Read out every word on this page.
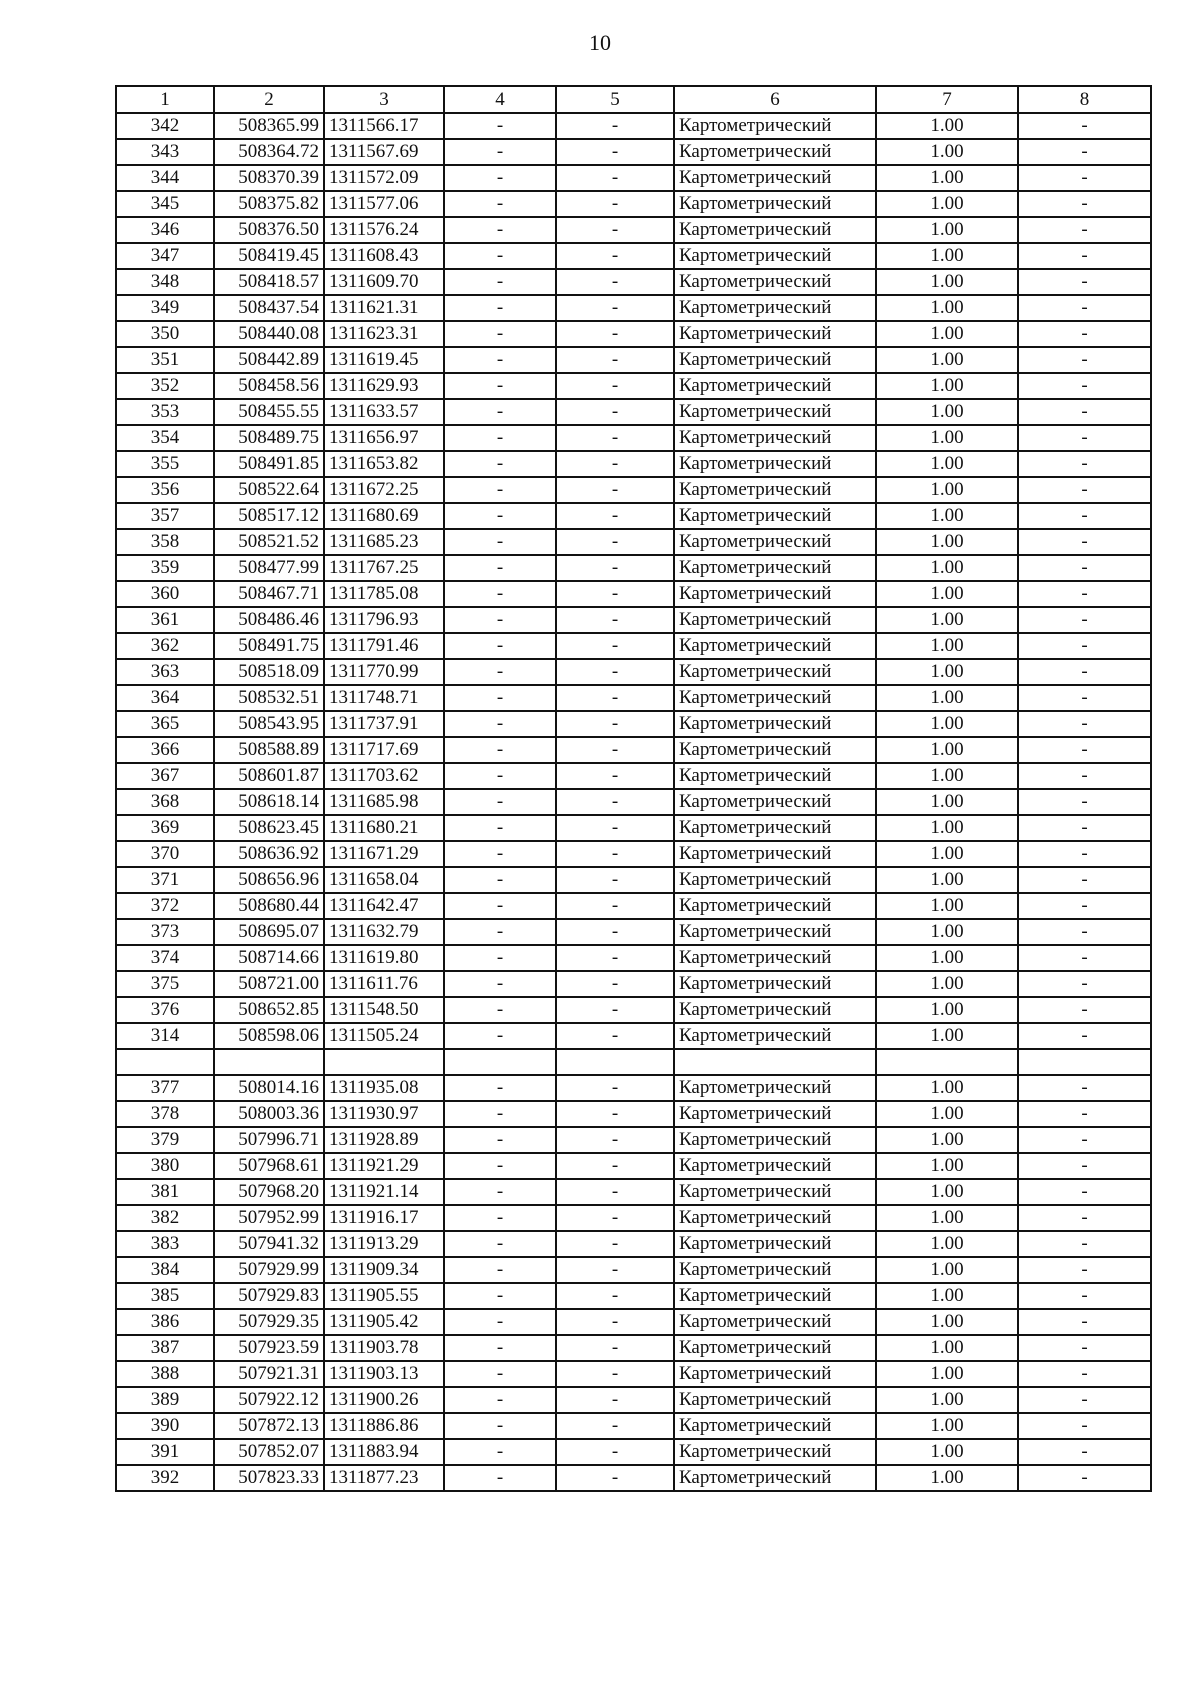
10
1	2	3	4	5	6	7	8
342	508365.99	1311566.17	-	-	Картометрический	1.00	-
343	508364.72	1311567.69	-	-	Картометрический	1.00	-
344	508370.39	1311572.09	-	-	Картометрический	1.00	-
345	508375.82	1311577.06	-	-	Картометрический	1.00	-
346	508376.50	1311576.24	-	-	Картометрический	1.00	-
347	508419.45	1311608.43	-	-	Картометрический	1.00	-
348	508418.57	1311609.70	-	-	Картометрический	1.00	-
349	508437.54	1311621.31	-	-	Картометрический	1.00	-
350	508440.08	1311623.31	-	-	Картометрический	1.00	-
351	508442.89	1311619.45	-	-	Картометрический	1.00	-
352	508458.56	1311629.93	-	-	Картометрический	1.00	-
353	508455.55	1311633.57	-	-	Картометрический	1.00	-
354	508489.75	1311656.97	-	-	Картометрический	1.00	-
355	508491.85	1311653.82	-	-	Картометрический	1.00	-
356	508522.64	1311672.25	-	-	Картометрический	1.00	-
357	508517.12	1311680.69	-	-	Картометрический	1.00	-
358	508521.52	1311685.23	-	-	Картометрический	1.00	-
359	508477.99	1311767.25	-	-	Картометрический	1.00	-
360	508467.71	1311785.08	-	-	Картометрический	1.00	-
361	508486.46	1311796.93	-	-	Картометрический	1.00	-
362	508491.75	1311791.46	-	-	Картометрический	1.00	-
363	508518.09	1311770.99	-	-	Картометрический	1.00	-
364	508532.51	1311748.71	-	-	Картометрический	1.00	-
365	508543.95	1311737.91	-	-	Картометрический	1.00	-
366	508588.89	1311717.69	-	-	Картометрический	1.00	-
367	508601.87	1311703.62	-	-	Картометрический	1.00	-
368	508618.14	1311685.98	-	-	Картометрический	1.00	-
369	508623.45	1311680.21	-	-	Картометрический	1.00	-
370	508636.92	1311671.29	-	-	Картометрический	1.00	-
371	508656.96	1311658.04	-	-	Картометрический	1.00	-
372	508680.44	1311642.47	-	-	Картометрический	1.00	-
373	508695.07	1311632.79	-	-	Картометрический	1.00	-
374	508714.66	1311619.80	-	-	Картометрический	1.00	-
375	508721.00	1311611.76	-	-	Картометрический	1.00	-
376	508652.85	1311548.50	-	-	Картометрический	1.00	-
314	508598.06	1311505.24	-	-	Картометрический	1.00	-

377	508014.16	1311935.08	-	-	Картометрический	1.00	-
378	508003.36	1311930.97	-	-	Картометрический	1.00	-
379	507996.71	1311928.89	-	-	Картометрический	1.00	-
380	507968.61	1311921.29	-	-	Картометрический	1.00	-
381	507968.20	1311921.14	-	-	Картометрический	1.00	-
382	507952.99	1311916.17	-	-	Картометрический	1.00	-
383	507941.32	1311913.29	-	-	Картометрический	1.00	-
384	507929.99	1311909.34	-	-	Картометрический	1.00	-
385	507929.83	1311905.55	-	-	Картометрический	1.00	-
386	507929.35	1311905.42	-	-	Картометрический	1.00	-
387	507923.59	1311903.78	-	-	Картометрический	1.00	-
388	507921.31	1311903.13	-	-	Картометрический	1.00	-
389	507922.12	1311900.26	-	-	Картометрический	1.00	-
390	507872.13	1311886.86	-	-	Картометрический	1.00	-
391	507852.07	1311883.94	-	-	Картометрический	1.00	-
392	507823.33	1311877.23	-	-	Картометрический	1.00	-
